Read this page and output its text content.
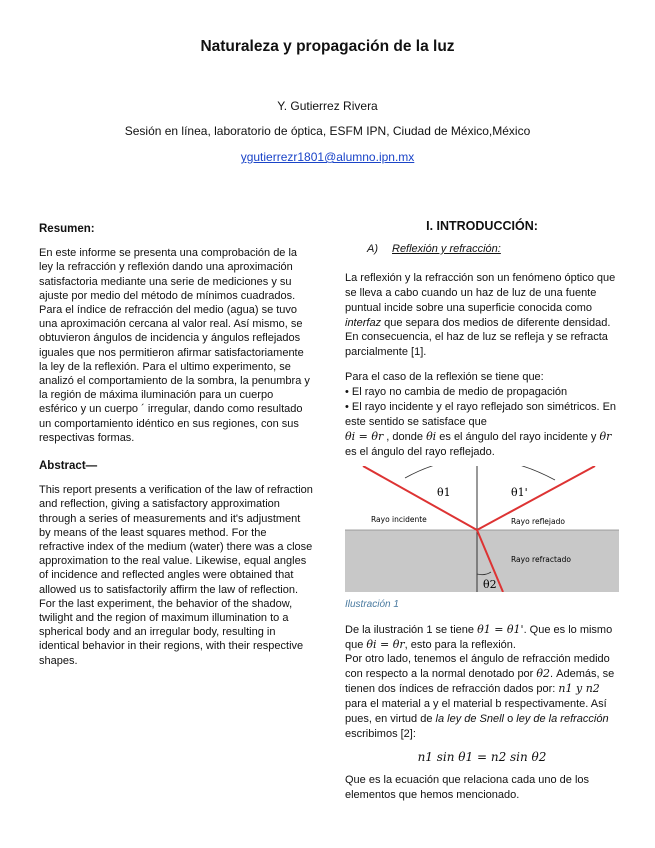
Naturaleza y propagación de la luz
Y. Gutierrez Rivera
Sesión en línea, laboratorio de óptica, ESFM IPN, Ciudad de México,México
ygutierrezr1801@alumno.ipn.mx
Resumen:

En este informe se presenta una comprobación de la ley la refracción y reflexión dando una aproximación satisfactoria mediante una serie de mediciones y su ajuste por medio del método de mínimos cuadrados. Para el índice de refracción del medio (agua) se tuvo una aproximación cercana al valor real. Así mismo, se obtuvieron ángulos de incidencia y ángulos reflejados iguales que nos permitieron afirmar satisfactoriamente la ley de la reflexión. Para el ultimo experimento, se analizó el comportamiento de la sombra, la penumbra y la región de máxima iluminación para un cuerpo esférico y un cuerpo ´ irregular, dando como resultado un comportamiento idéntico en sus regiones, con sus respectivas formas.

Abstract—

This report presents a verification of the law of refraction and reflection, giving a satisfactory approximation through a series of measurements and it's adjustment by means of the least squares method. For the refractive index of the medium (water) there was a close approximation to the real value. Likewise, equal angles of incidence and reflected angles were obtained that allowed us to satisfactorily affirm the law of reflection. For the last experiment, the behavior of the shadow, twilight and the region of maximum illumination to a spherical body and an irregular body, resulting in identical behavior in their regions, with their respective shapes.

I. INTRODUCCIÓN:
A) Reflexión y refracción:

La reflexión y la refracción son un fenómeno óptico que se lleva a cabo cuando un haz de luz de una fuente puntual incide sobre una superficie conocida como interfaz que separa dos medios de diferente densidad. En consecuencia, el haz de luz se refleja y se refracta parcialmente [1].

Para el caso de la reflexión se tiene que:
• El rayo no cambia de medio de propagación
• El rayo incidente y el rayo reflejado son simétricos. En este sentido se satisface que
θi = θr , donde θi es el ángulo del rayo incidente y θr es el ángulo del rayo reflejado.
θ1	θ1'
θ2
Rayo incidente	Rayo reflejado
Rayo refractado
Ilustración 1

De la ilustración 1 se tiene θ1 = θ1'. Que es lo mismo que θi = θr, esto para la reflexión.
Por otro lado, tenemos el ángulo de refracción medido con respecto a la normal denotado por θ2. Además, se tienen dos índices de refracción dados por: n1 y n2 para el material a y el material b respectivamente. Así pues, en virtud de la ley de Snell o ley de la refracción escribimos [2]:

n1 sin θ1 = n2 sin θ2

Que es la ecuación que relaciona cada uno de los elementos que hemos mencionado.
